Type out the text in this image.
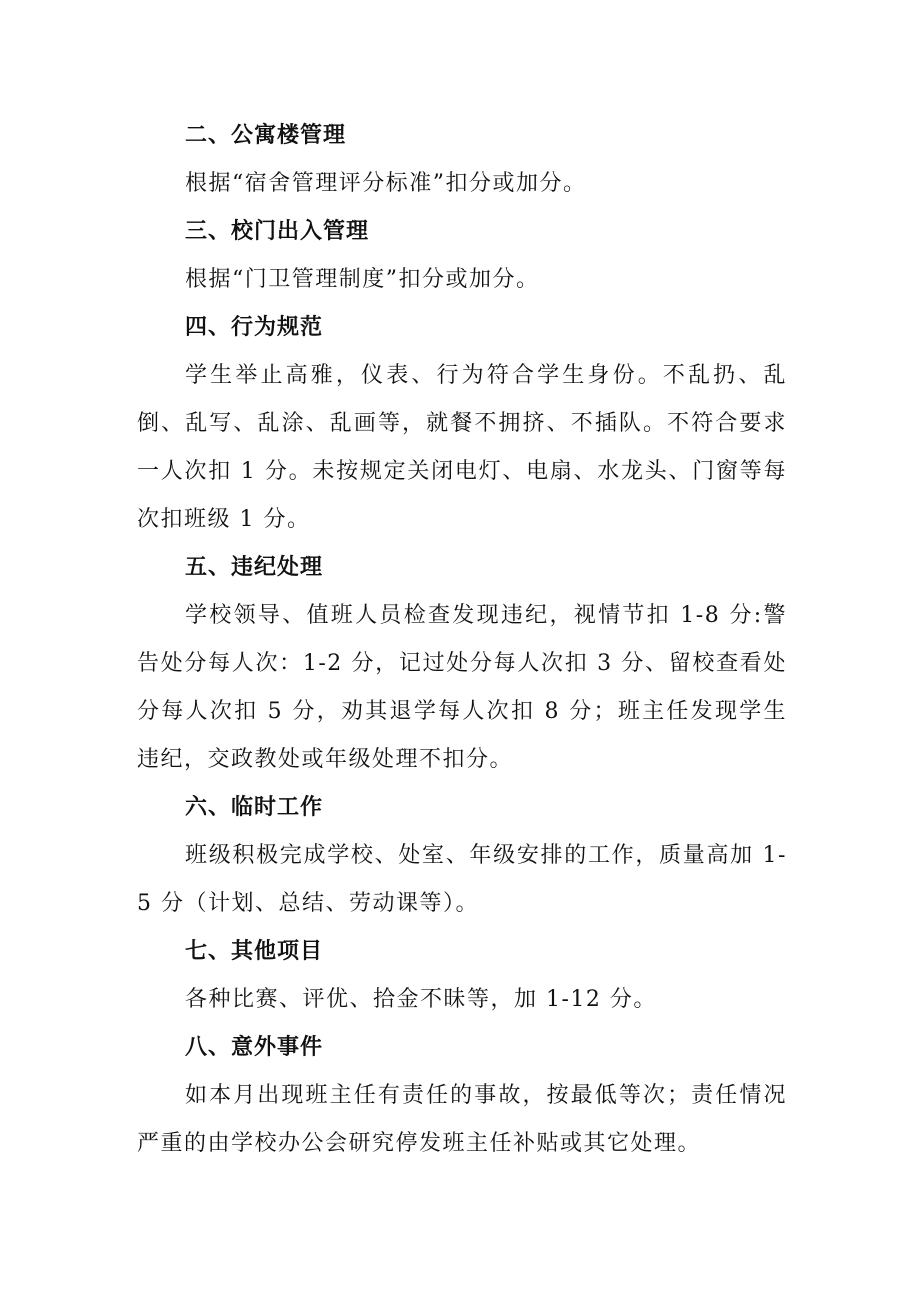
二、公寓楼管理

根据“宿舍管理评分标准”扣分或加分。

三、校门出入管理

根据“门卫管理制度”扣分或加分。

四、行为规范

学生举止高雅，仪表、行为符合学生身份。不乱扔、乱倒、乱写、乱涂、乱画等，就餐不拥挤、不插队。不符合要求一人次扣 1 分。未按规定关闭电灯、电扇、水龙头、门窗等每次扣班级 1 分。

五、违纪处理

学校领导、值班人员检查发现违纪，视情节扣 1-8 分:警告处分每人次：1-2 分，记过处分每人次扣 3 分、留校查看处分每人次扣 5 分，劝其退学每人次扣 8 分；班主任发现学生违纪，交政教处或年级处理不扣分。

六、临时工作

班级积极完成学校、处室、年级安排的工作，质量高加 1-5 分（计划、总结、劳动课等）。

七、其他项目

各种比赛、评优、拾金不昧等，加 1-12 分。

八、意外事件

如本月出现班主任有责任的事故，按最低等次；责任情况严重的由学校办公会研究停发班主任补贴或其它处理。
